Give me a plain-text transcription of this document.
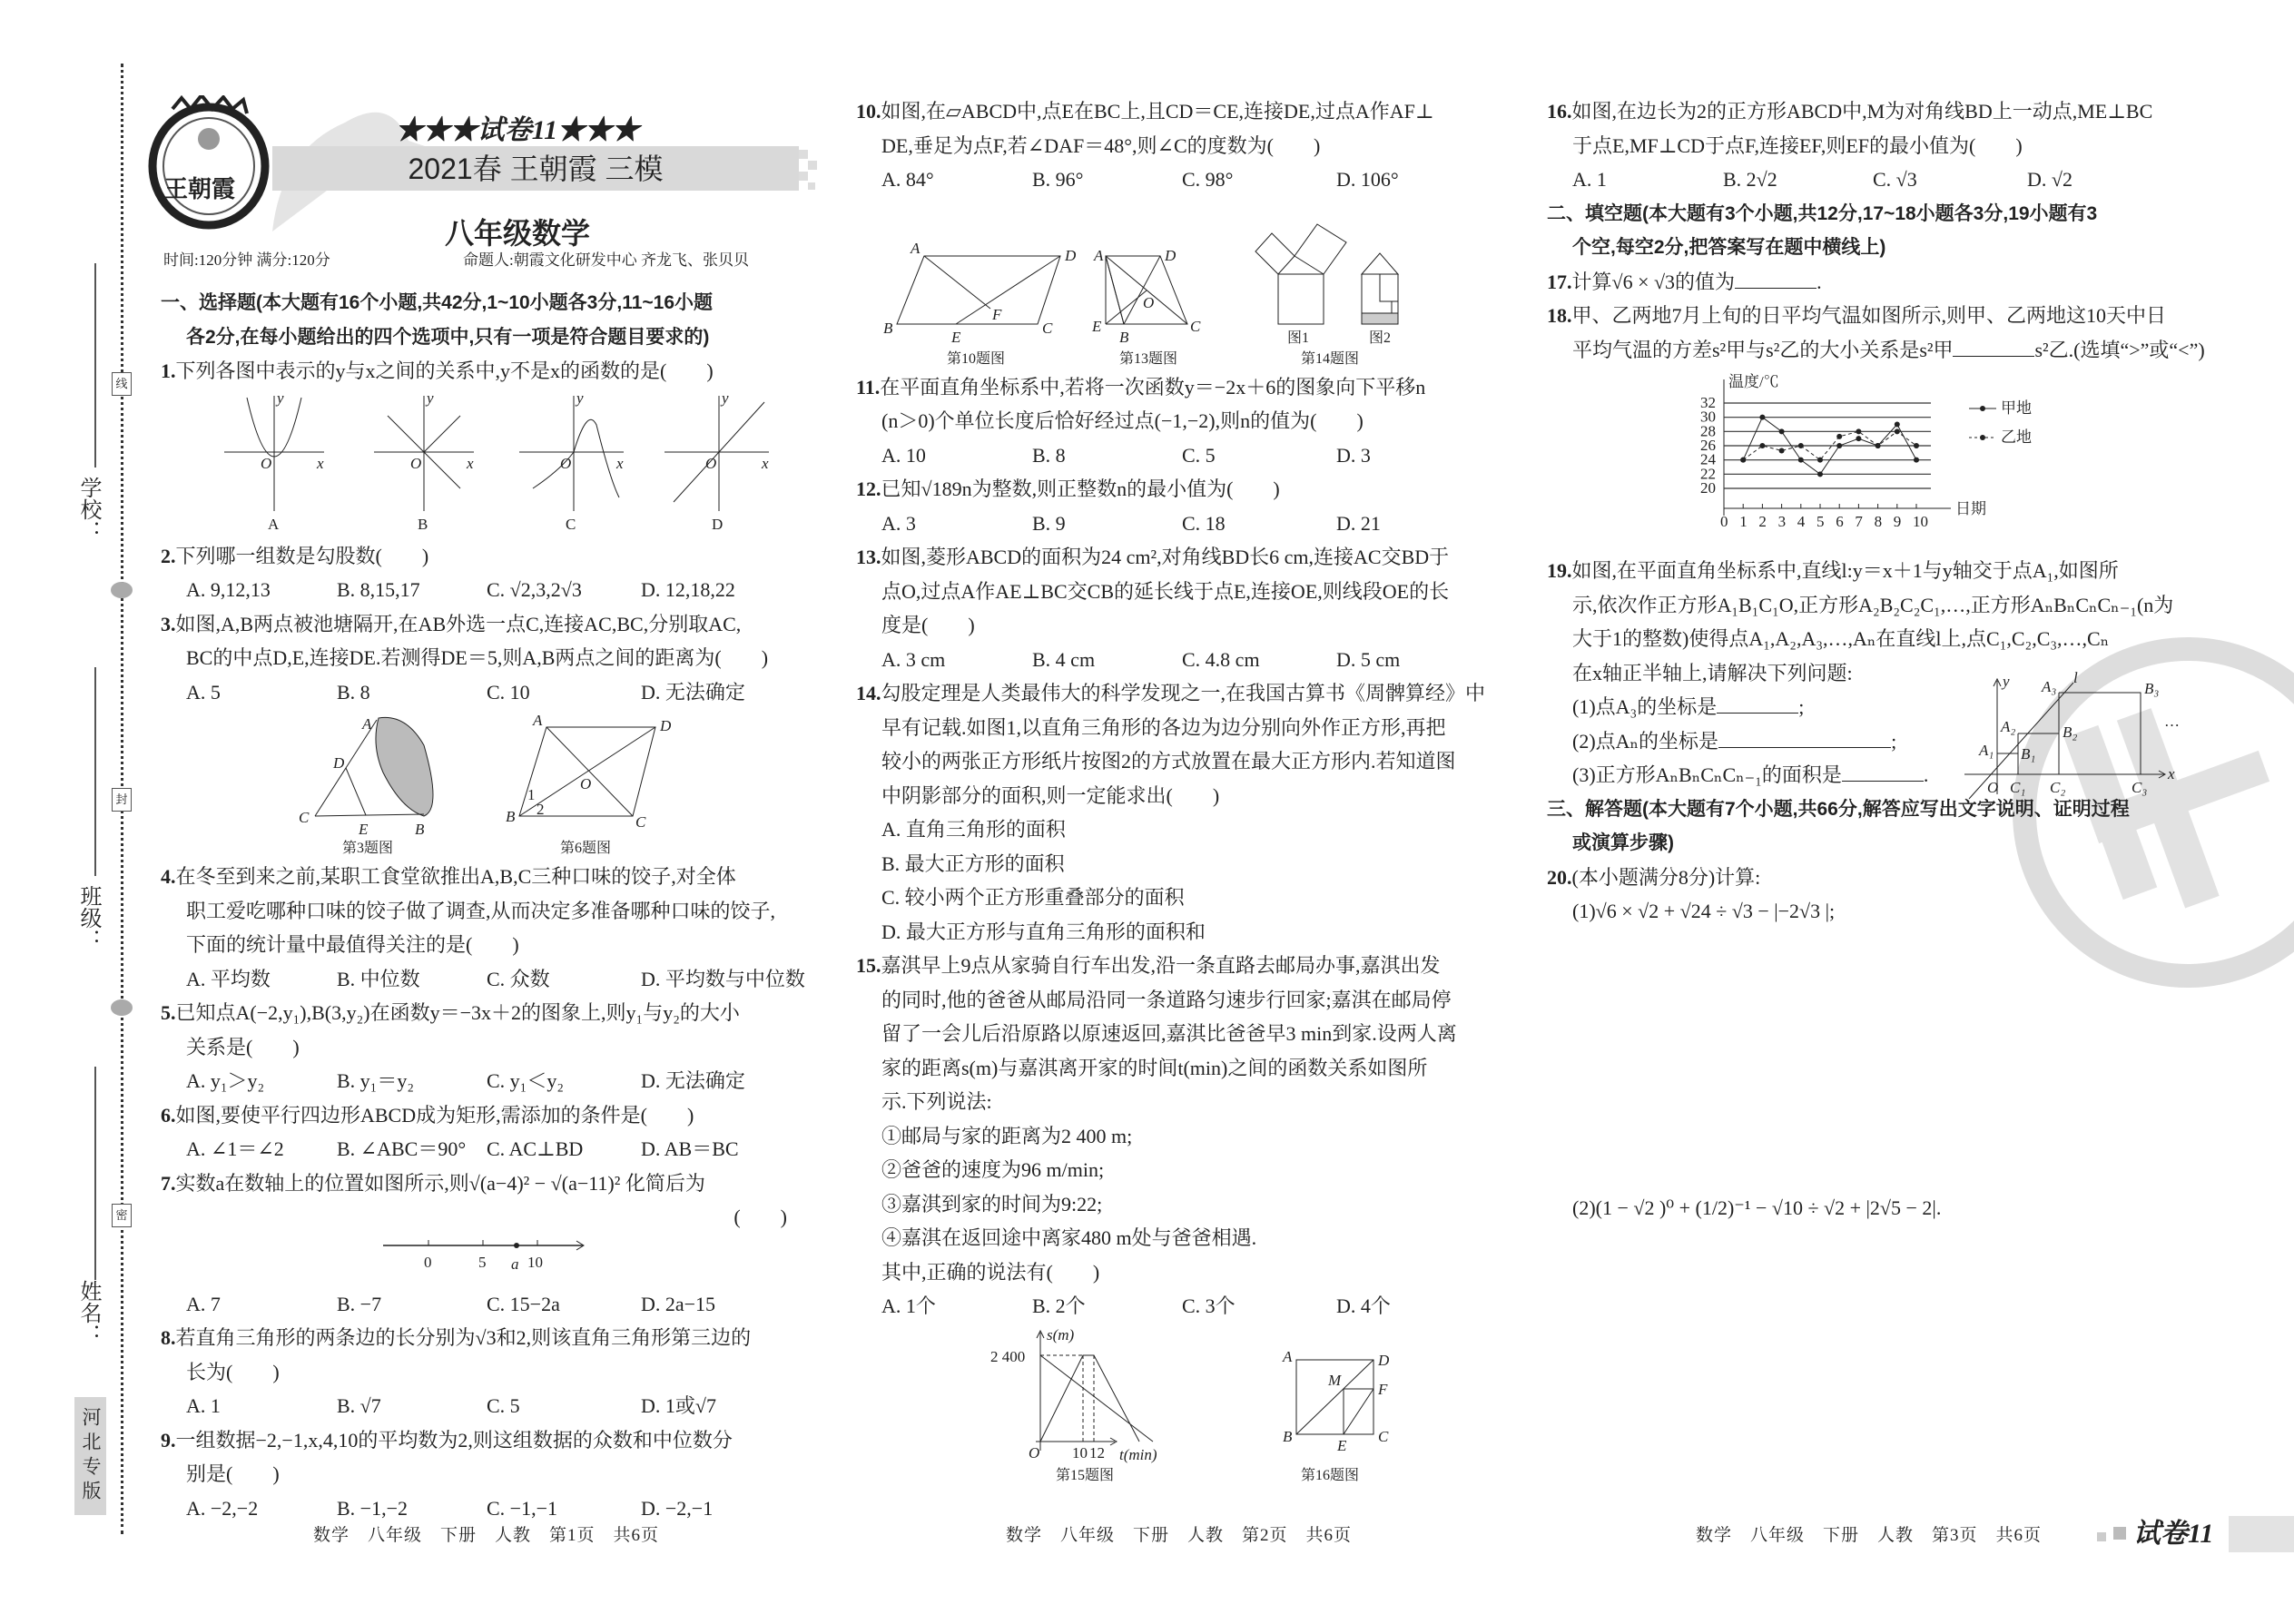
学校：
班级：
姓名：
线
封
密
河北专版
王朝霞
★★★试卷11★★★
2021春 王朝霞 三模
八年级数学
时间:120分钟 满分:120分	命题人:朝霞文化研发中心 齐龙飞、张贝贝
一、选择题(本大题有16个小题,共42分,1~10小题各3分,11~16小题
各2分,在每小题给出的四个选项中,只有一项是符合题目要求的)
1.下列各图中表示的y与x之间的关系中,y不是x的函数的是(　　)
y
x
O
A
y
x
O
B
y
x
O
C
y
x
O
D
2.下列哪一组数是勾股数(　　)
A. 9,12,13	B. 8,15,17	C. √2,3,2√3	D. 12,18,22
3.如图,A,B两点被池塘隔开,在AB外选一点C,连接AC,BC,分别取AC,
BC的中点D,E,连接DE.若测得DE＝5,则A,B两点之间的距离为(　　)
A. 5	B. 8	C. 10	D. 无法确定
A
D
C
E	B
第3题图
A	D
O
B	C
1
2
第6题图
4.在冬至到来之前,某职工食堂欲推出A,B,C三种口味的饺子,对全体
职工爱吃哪种口味的饺子做了调查,从而决定多准备哪种口味的饺子,
下面的统计量中最值得关注的是(　　)
A. 平均数	B. 中位数	C. 众数	D. 平均数与中位数
5.已知点A(−2,y₁),B(3,y₂)在函数y＝−3x＋2的图象上,则y₁与y₂的大小
关系是(　　)
A. y₁＞y₂	B. y₁＝y₂	C. y₁＜y₂	D. 无法确定
6.如图,要使平行四边形ABCD成为矩形,需添加的条件是(　　)
A. ∠1＝∠2	B. ∠ABC＝90°	C. AC⊥BD	D. AB＝BC
7.实数a在数轴上的位置如图所示,则√(a−4)² − √(a−11)² 化简后为
(　　)
0	5 a 10
A. 7	B. −7	C. 15−2a	D. 2a−15
8.若直角三角形的两条边的长分别为√3和2,则该直角三角形第三边的
长为(　　)
A. 1	B. √7	C. 5	D. 1或√7
9.一组数据−2,−1,x,4,10的平均数为2,则这组数据的众数和中位数分
别是(　　)
A. −2,−2	B. −1,−2	C. −1,−1	D. −2,−1
数学　八年级　下册　人教　第1页　共6页
10.如图,在▱ABCD中,点E在BC上,且CD＝CE,连接DE,过点A作AF⊥
DE,垂足为点F,若∠DAF＝48°,则∠C的度数为(　　)
A. 84°	B. 96°	C. 98°	D. 106°
A	D
F
B
E
C
第10题图
A	D
O
E
B
C
第13题图
图1	图2
第14题图
11.在平面直角坐标系中,若将一次函数y＝−2x＋6的图象向下平移n
(n＞0)个单位长度后恰好经过点(−1,−2),则n的值为(　　)
A. 10	B. 8	C. 5	D. 3
12.已知√189n为整数,则正整数n的最小值为(　　)
A. 3	B. 9	C. 18	D. 21
13.如图,菱形ABCD的面积为24 cm²,对角线BD长6 cm,连接AC交BD于
点O,过点A作AE⊥BC交CB的延长线于点E,连接OE,则线段OE的长
度是(　　)
A. 3 cm	B. 4 cm	C. 4.8 cm	D. 5 cm
14.勾股定理是人类最伟大的科学发现之一,在我国古算书《周髀算经》中
早有记载.如图1,以直角三角形的各边为边分别向外作正方形,再把
较小的两张正方形纸片按图2的方式放置在最大正方形内.若知道图
中阴影部分的面积,则一定能求出(　　)
A. 直角三角形的面积
B. 最大正方形的面积
C. 较小两个正方形重叠部分的面积
D. 最大正方形与直角三角形的面积和
15.嘉淇早上9点从家骑自行车出发,沿一条直路去邮局办事,嘉淇出发
的同时,他的爸爸从邮局沿同一条道路匀速步行回家;嘉淇在邮局停
留了一会儿后沿原路以原速返回,嘉淇比爸爸早3 min到家.设两人离
家的距离s(m)与嘉淇离开家的时间t(min)之间的函数关系如图所
示.下列说法:
①邮局与家的距离为2 400 m;
②爸爸的速度为96 m/min;
③嘉淇到家的时间为9:22;
④嘉淇在返回途中离家480 m处与爸爸相遇.
其中,正确的说法有(　　)
A. 1个	B. 2个	C. 3个	D. 4个
s(m)
2 400
O 10 12 t(min)
第15题图
A	D
M
F
B
E
C
第16题图
数学　八年级　下册　人教　第2页　共6页
16.如图,在边长为2的正方形ABCD中,M为对角线BD上一动点,ME⊥BC
于点E,MF⊥CD于点F,连接EF,则EF的最小值为(　　)
A. 1	B. 2√2	C. √3	D. √2
二、填空题(本大题有3个小题,共12分,17~18小题各3分,19小题有3
个空,每空2分,把答案写在题中横线上)
17.计算√6 × √3的值为	.
18.甲、乙两地7月上旬的日平均气温如图所示,则甲、乙两地这10天中日
平均气温的方差s²甲与s²乙的大小关系是s²甲	s²乙.(选填“>”或“<”)
温度/℃
日期
20
22
24
26
28
30
32
0 1 2 3 4 5 6 7 8 9 10
甲地
乙地
19.如图,在平面直角坐标系中,直线l:y＝x＋1与y轴交于点A₁,如图所
示,依次作正方形A₁B₁C₁O,正方形A₂B₂C₂C₁,…,正方形AₙBₙCₙCₙ₋₁(n为
大于1的整数)使得点A₁,A₂,A₃,…,Aₙ在直线l上,点C₁,C₂,C₃,…,Cₙ
在x轴正半轴上,请解决下列问题:
(1)点A₃的坐标是	;
(2)点Aₙ的坐标是	;
(3)正方形AₙBₙCₙCₙ₋₁的面积是	.
y	l
A₃	B₃
A₂	B₂
A₁ B₁
O C₁ C₂	C₃
x
…
三、解答题(本大题有7个小题,共66分,解答应写出文字说明、证明过程
或演算步骤)
20.(本小题满分8分)计算:
(1)√6 × √2 + √24 ÷ √3 − |−2√3 |;
(2)(1 − √2 )⁰ + (1/2)⁻¹ − √10 ÷ √2 + |2√5 − 2|.
数学　八年级　下册　人教　第3页　共6页	试卷11
